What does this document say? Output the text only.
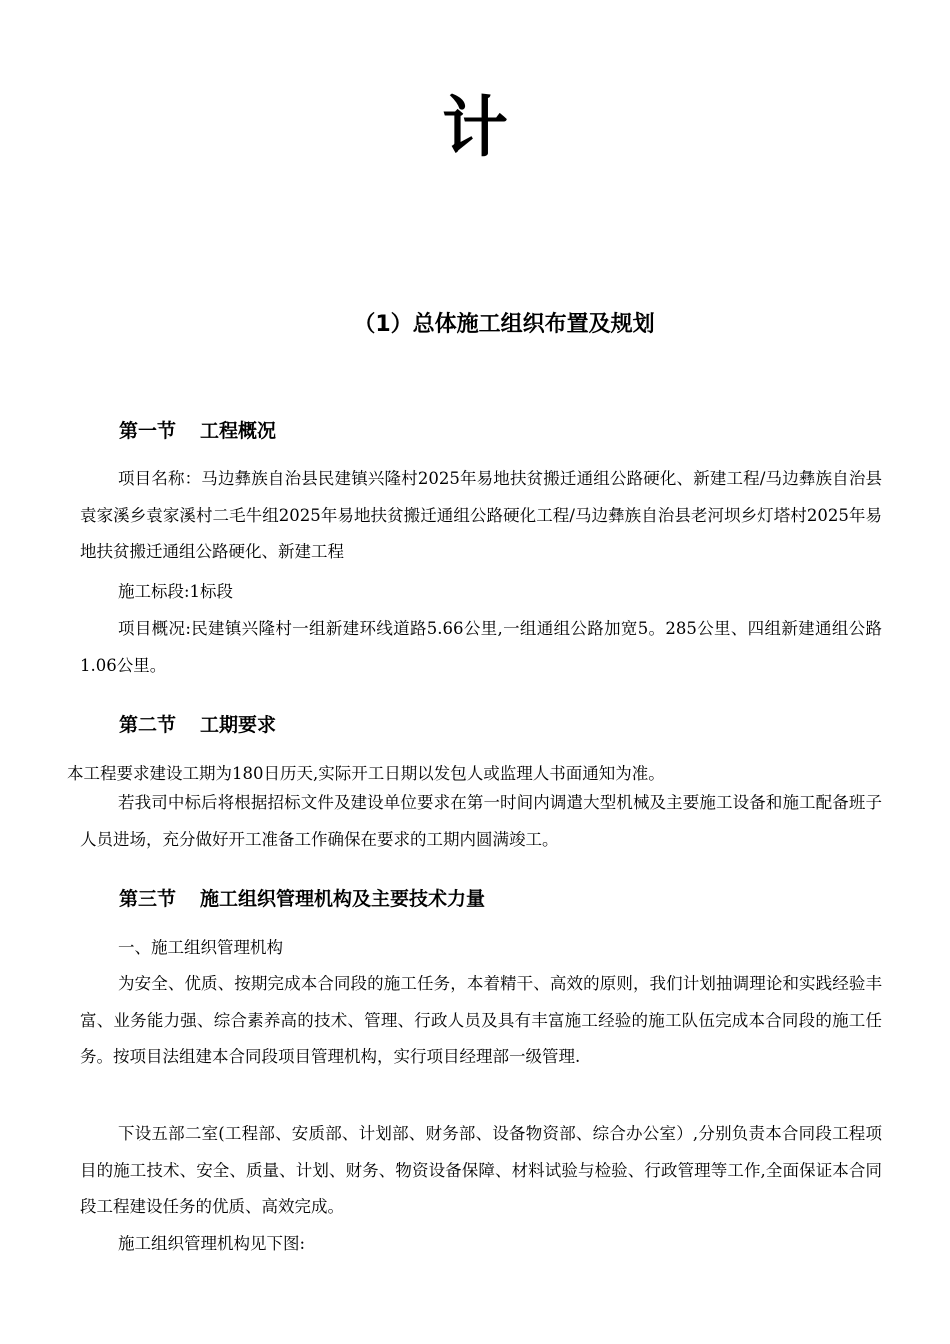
计
（1）总体施工组织布置及规划
第一节 工程概况
项目名称：马边彝族自治县民建镇兴隆村2025年易地扶贫搬迁通组公路硬化、新建工程/马边彝族自治县袁家溪乡袁家溪村二毛牛组2025年易地扶贫搬迁通组公路硬化工程/马边彝族自治县老河坝乡灯塔村2025年易地扶贫搬迁通组公路硬化、新建工程
施工标段:1标段
项目概况:民建镇兴隆村一组新建环线道路5.66公里,一组通组公路加宽5。285公里、四组新建通组公路1.06公里。
第二节 工期要求
本工程要求建设工期为180日历天,实际开工日期以发包人或监理人书面通知为准。
若我司中标后将根据招标文件及建设单位要求在第一时间内调遣大型机械及主要施工设备和施工配备班子人员进场，充分做好开工准备工作确保在要求的工期内圆满竣工。
第三节 施工组织管理机构及主要技术力量
一、施工组织管理机构
为安全、优质、按期完成本合同段的施工任务，本着精干、高效的原则，我们计划抽调理论和实践经验丰富、业务能力强、综合素养高的技术、管理、行政人员及具有丰富施工经验的施工队伍完成本合同段的施工任务。按项目法组建本合同段项目管理机构，实行项目经理部一级管理.
下设五部二室(工程部、安质部、计划部、财务部、设备物资部、综合办公室）,分别负责本合同段工程项目的施工技术、安全、质量、计划、财务、物资设备保障、材料试验与检验、行政管理等工作,全面保证本合同段工程建设任务的优质、高效完成。
施工组织管理机构见下图:
